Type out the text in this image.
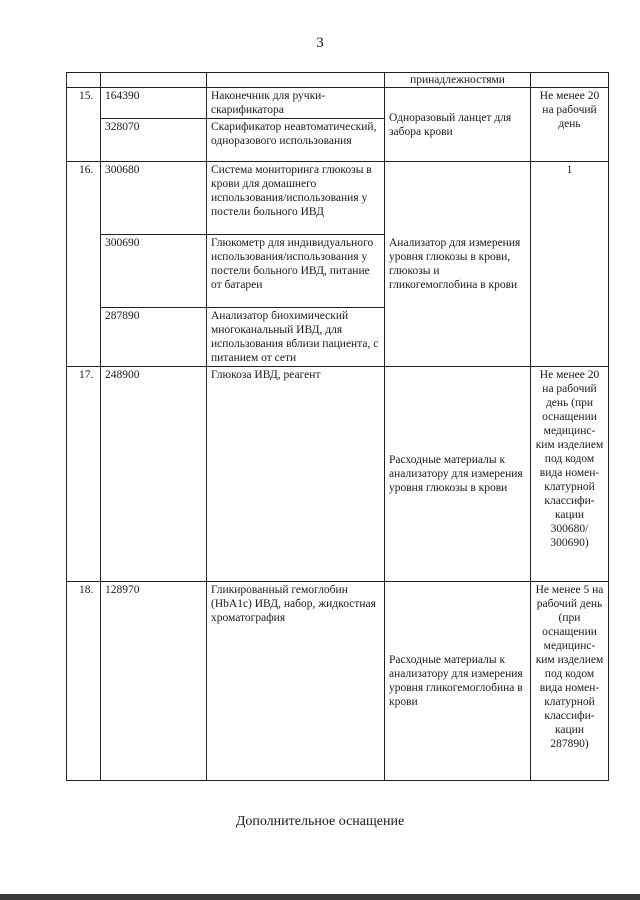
3
			принадлежностями	
15.	164390	Наконечник для ручки-скарификатора	Одноразовый ланцет для забора крови	Не менее 20 на рабочий день
	328070	Скарификатор неавтоматический, одноразового использования		
16.	300680	Система мониторинга глюкозы в крови для домашнего использования/использования у постели больного ИВД	Анализатор для измерения уровня глюкозы в крови, глюкозы и гликогемоглобина в крови	1
	300690	Глюкометр для индивидуального использования/использования у постели больного ИВД, питание от батареи		
	287890	Анализатор биохимический многоканальный ИВД, для использования вблизи пациента, с питанием от сети		
17.	248900	Глюкоза ИВД, реагент	Расходные материалы к анализатору для измерения уровня глюкозы в крови	Не менее 20 на рабочий день (при оснащении медицинс-ким изделием под кодом вида номен-клатурной классифи-кации 300680/ 300690)
18.	128970	Гликированный гемоглобин (HbA1c) ИВД, набор, жидкостная хроматография	Расходные материалы к анализатору для измерения уровня гликогемоглобина в крови	Не менее 5 на рабочий день (при оснащении медицинс-ким изделием под кодом вида номен-клатурной классифи-кации 287890)
Дополнительное оснащение
